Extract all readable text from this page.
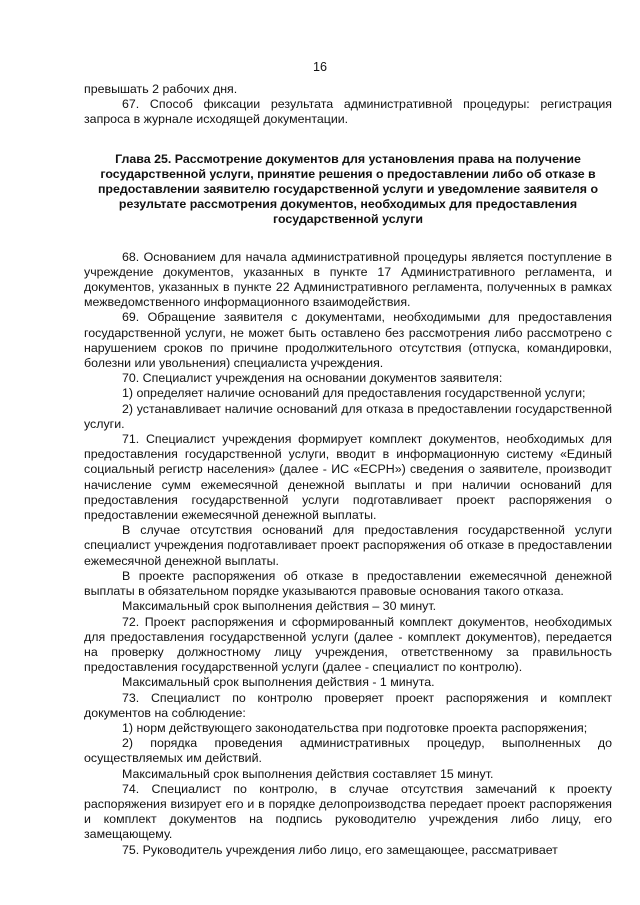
16

превышать 2 рабочих дня.

67. Способ фиксации результата административной процедуры: регистрация запроса в журнале исходящей документации.

Глава 25. Рассмотрение документов для установления права на получение государственной услуги, принятие решения о предоставлении либо об отказе в предоставлении заявителю государственной услуги и уведомление заявителя о результате рассмотрения документов, необходимых для предоставления государственной услуги

68. Основанием для начала административной процедуры является поступление в учреждение документов, указанных в пункте 17 Административного регламента, и документов, указанных в пункте 22 Административного регламента, полученных в рамках межведомственного информационного взаимодействия.

69. Обращение заявителя с документами, необходимыми для предоставления государственной услуги, не может быть оставлено без рассмотрения либо рассмотрено с нарушением сроков по причине продолжительного отсутствия (отпуска, командировки, болезни или увольнения) специалиста учреждения.

70. Специалист учреждения на основании документов заявителя:

1) определяет наличие оснований для предоставления государственной услуги;

2) устанавливает наличие оснований для отказа в предоставлении государственной услуги.

71. Специалист учреждения формирует комплект документов, необходимых для предоставления государственной услуги, вводит в информационную систему «Единый социальный регистр населения» (далее - ИС «ЕСРН») сведения о заявителе, производит начисление сумм ежемесячной денежной выплаты и при наличии оснований для предоставления государственной услуги подготавливает проект распоряжения о предоставлении ежемесячной денежной выплаты.

В случае отсутствия оснований для предоставления государственной услуги специалист учреждения подготавливает проект распоряжения об отказе в предоставлении ежемесячной денежной выплаты.

В проекте распоряжения об отказе в предоставлении ежемесячной денежной выплаты в обязательном порядке указываются правовые основания такого отказа.

Максимальный срок выполнения действия – 30 минут.

72. Проект распоряжения и сформированный комплект документов, необходимых для предоставления государственной услуги (далее - комплект документов), передается на проверку должностному лицу учреждения, ответственному за правильность предоставления государственной услуги (далее - специалист по контролю).

Максимальный срок выполнения действия - 1 минута.

73. Специалист по контролю проверяет проект распоряжения и комплект документов на соблюдение:

1) норм действующего законодательства при подготовке проекта распоряжения;

2) порядка проведения административных процедур, выполненных до осуществляемых им действий.

Максимальный срок выполнения действия составляет 15 минут.

74. Специалист по контролю, в случае отсутствия замечаний к проекту распоряжения визирует его и в порядке делопроизводства передает проект распоряжения и комплект документов на подпись руководителю учреждения либо лицу, его замещающему.

75. Руководитель учреждения либо лицо, его замещающее, рассматривает
